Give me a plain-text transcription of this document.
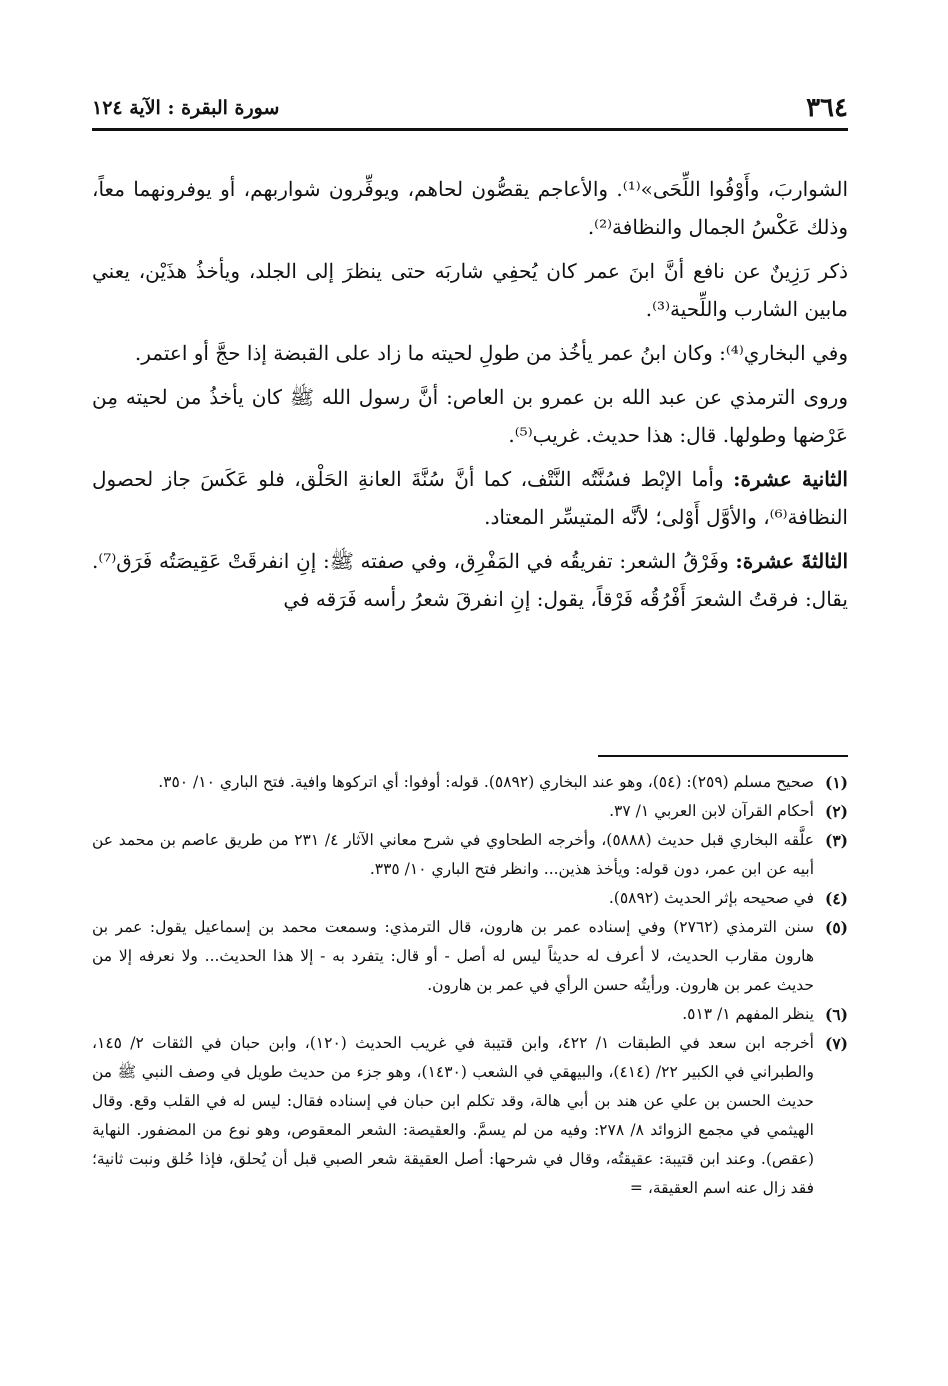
٣٦٤
سورة البقرة : الآية ١٢٤

الشواربَ، وأَوْفُوا اللِّحَى»⁽¹⁾. والأعاجم يقصُّون لحاهم، ويوفِّرون شواربهم، أو يوفرونهما معاً، وذلك عَكْسُ الجمال والنظافة⁽²⁾.

ذكر رَزِينٌ عن نافع أنَّ ابنَ عمر كان يُحفِي شاربَه حتى ينظرَ إلى الجلد، ويأخذُ هذَيْن، يعني مابين الشارب واللِّحية⁽³⁾.

وفي البخاري⁽⁴⁾: وكان ابنُ عمر يأخُذ من طولِ لحيته ما زاد على القبضة إذا حجَّ أو اعتمر.

وروى الترمذي عن عبد الله بن عمرو بن العاص: أنَّ رسول الله ﷺ كان يأخذُ من لحيته مِن عَرْضها وطولها. قال: هذا حديث. غريب⁽⁵⁾.

الثانية عشرة: وأما الإبْط فسُنَّتُه النَّتْف، كما أنَّ سُنَّةَ العانةِ الحَلْق، فلو عَكَسَ جاز لحصول النظافة⁽⁶⁾، والأوَّل أَوْلى؛ لأنَّه المتيسِّر المعتاد.

الثالثةَ عشرة: وفَرْقُ الشعر: تفريقُه في المَفْرِق، وفي صفته ﷺ: إنِ انفرقَتْ عَقِيصَتُه فَرَق⁽⁷⁾. يقال: فرقتُ الشعرَ أَفْرُقُه فَرْقاً، يقول: إنِ انفرقَ شعرُ رأسه فَرَقه في

(١)
صحيح مسلم (٢٥٩): (٥٤)، وهو عند البخاري (٥٨٩٢). قوله: أوفوا: أي اتركوها وافية. فتح الباري ١٠/ ٣٥٠.
(٢)
أحكام القرآن لابن العربي ١/ ٣٧.
(٣)
علَّقه البخاري قبل حديث (٥٨٨٨)، وأخرجه الطحاوي في شرح معاني الآثار ٤/ ٢٣١ من طريق عاصم بن محمد عن أبيه عن ابن عمر، دون قوله: ويأخذ هذين... وانظر فتح الباري ١٠/ ٣٣٥.
(٤)
في صحيحه بإثر الحديث (٥٨٩٢).
(٥)
سنن الترمذي (٢٧٦٢) وفي إسناده عمر بن هارون، قال الترمذي: وسمعت محمد بن إسماعيل يقول: عمر بن هارون مقارب الحديث، لا أعرف له حديثاً ليس له أصل - أو قال: يتفرد به - إلا هذا الحديث... ولا نعرفه إلا من حديث عمر بن هارون. ورأيتُه حسن الرأي في عمر بن هارون.
(٦)
ينظر المفهم ١/ ٥١٣.
(٧)
أخرجه ابن سعد في الطبقات ١/ ٤٢٢، وابن قتيبة في غريب الحديث (١٢٠)، وابن حبان في الثقات ٢/ ١٤٥، والطبراني في الكبير ٢٢/ (٤١٤)، والبيهقي في الشعب (١٤٣٠)، وهو جزء من حديث طويل في وصف النبي ﷺ من حديث الحسن بن علي عن هند بن أبي هالة، وقد تكلم ابن حبان في إسناده فقال: ليس له في القلب وقع. وقال الهيثمي في مجمع الزوائد ٨/ ٢٧٨: وفيه من لم يسمَّ. والعقيصة: الشعر المعقوص، وهو نوع من المضفور. النهاية (عقص). وعند ابن قتيبة: عقيقتُه، وقال في شرحها: أصل العقيقة شعر الصبي قبل أن يُحلق، فإذا حُلق ونبت ثانية؛ فقد زال عنه اسم العقيقة، =
